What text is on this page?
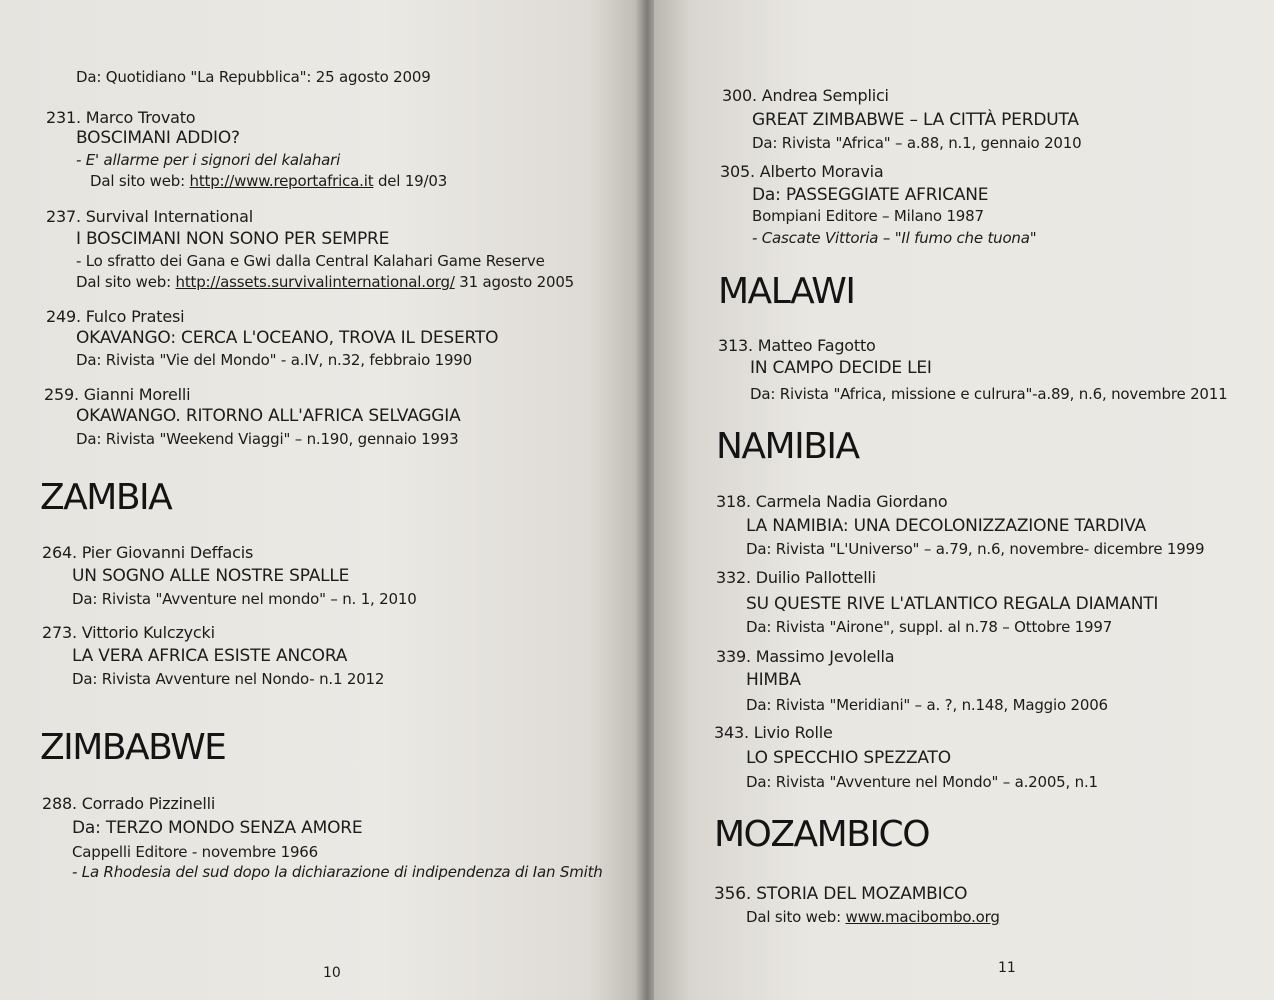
Da: Quotidiano "La Repubblica": 25 agosto 2009
231. Marco Trovato
BOSCIMANI ADDIO?
- E' allarme per i signori del kalahari
Dal sito web: http://www.reportafrica.it del 19/03
237. Survival International
I BOSCIMANI NON SONO PER SEMPRE
- Lo sfratto dei Gana e Gwi dalla Central Kalahari Game Reserve
Dal sito web: http://assets.survivalinternational.org/ 31 agosto 2005
249. Fulco Pratesi
OKAVANGO: CERCA L'OCEANO, TROVA IL DESERTO
Da: Rivista "Vie del Mondo" - a.IV, n.32, febbraio 1990
259. Gianni Morelli
OKAWANGO. RITORNO ALL'AFRICA SELVAGGIA
Da: Rivista "Weekend Viaggi" – n.190, gennaio 1993
ZAMBIA
264. Pier Giovanni Deffacis
UN SOGNO ALLE NOSTRE SPALLE
Da: Rivista "Avventure nel mondo" – n. 1, 2010
273. Vittorio Kulczycki
LA VERA AFRICA ESISTE ANCORA
Da: Rivista Avventure nel Nondo- n.1 2012
ZIMBABWE
288. Corrado Pizzinelli
Da: TERZO MONDO SENZA AMORE
Cappelli Editore - novembre 1966
- La Rhodesia del sud dopo la dichiarazione di indipendenza di Ian Smith
10
300. Andrea Semplici
GREAT ZIMBABWE – LA CITTÀ PERDUTA
Da: Rivista "Africa" – a.88, n.1, gennaio 2010
305. Alberto Moravia
Da: PASSEGGIATE AFRICANE
Bompiani Editore – Milano 1987
- Cascate Vittoria – "Il fumo che tuona"
MALAWI
313. Matteo Fagotto
IN CAMPO DECIDE LEI
Da: Rivista "Africa, missione e culrura"-a.89, n.6, novembre 2011
NAMIBIA
318. Carmela Nadia Giordano
LA NAMIBIA: UNA DECOLONIZZAZIONE TARDIVA
Da: Rivista "L'Universo" – a.79, n.6, novembre- dicembre 1999
332. Duilio Pallottelli
SU QUESTE RIVE L'ATLANTICO REGALA DIAMANTI
Da: Rivista "Airone", suppl. al n.78 – Ottobre 1997
339. Massimo Jevolella
HIMBA
Da: Rivista "Meridiani" – a. ?, n.148, Maggio 2006
343. Livio Rolle
LO SPECCHIO SPEZZATO
Da: Rivista "Avventure nel Mondo" – a.2005, n.1
MOZAMBICO
356. STORIA DEL MOZAMBICO
Dal sito web: www.macibombo.org
11
